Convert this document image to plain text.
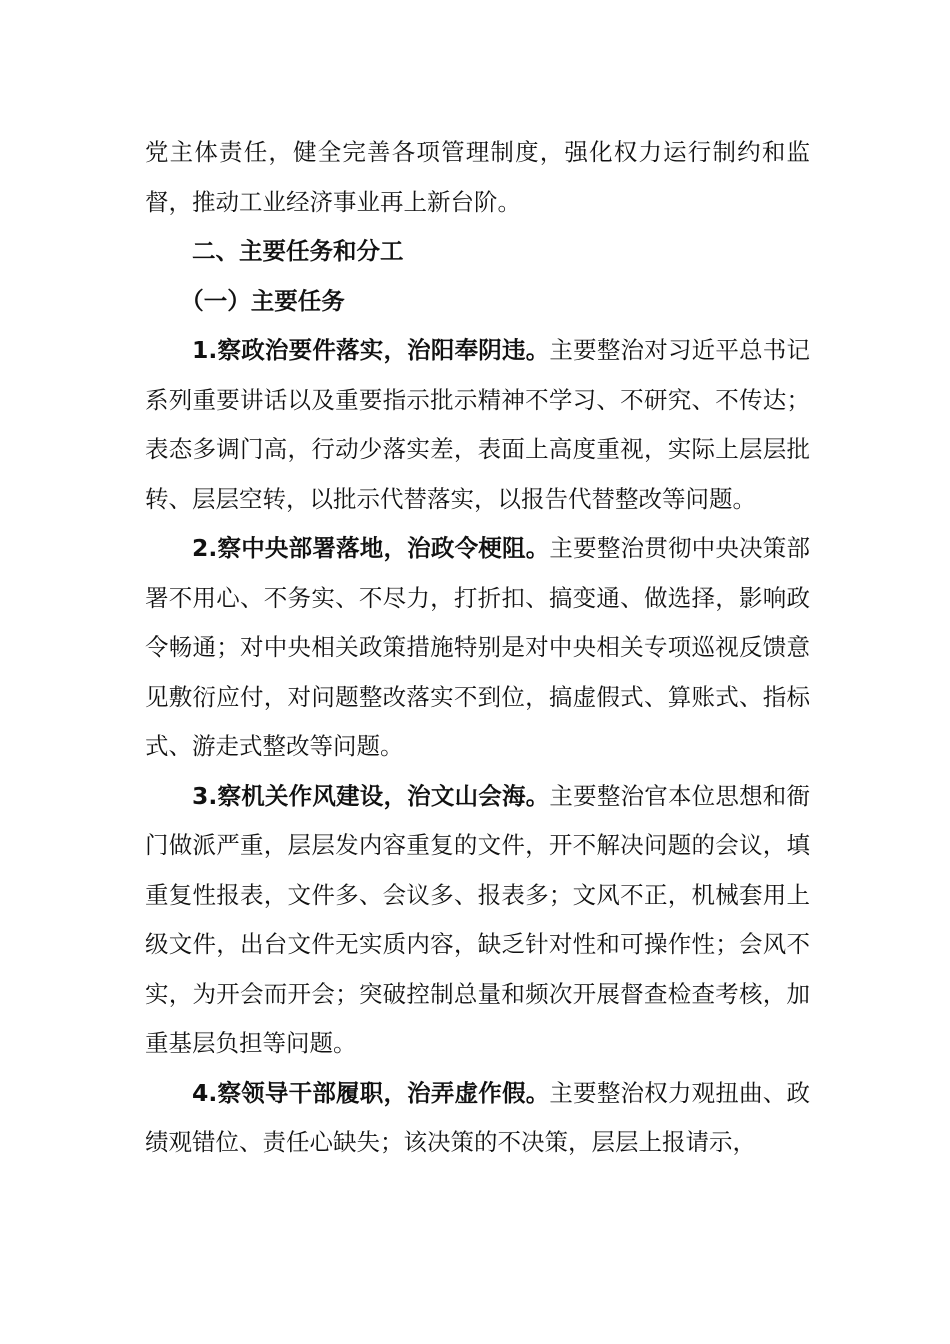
党主体责任，健全完善各项管理制度，强化权力运行制约和监督，推动工业经济事业再上新台阶。

二、主要任务和分工

（一）主要任务

1.察政治要件落实，治阳奉阴违。主要整治对习近平总书记系列重要讲话以及重要指示批示精神不学习、不研究、不传达；表态多调门高，行动少落实差，表面上高度重视，实际上层层批转、层层空转，以批示代替落实，以报告代替整改等问题。

2.察中央部署落地，治政令梗阻。主要整治贯彻中央决策部署不用心、不务实、不尽力，打折扣、搞变通、做选择，影响政令畅通；对中央相关政策措施特别是对中央相关专项巡视反馈意见敷衍应付，对问题整改落实不到位，搞虚假式、算账式、指标式、游走式整改等问题。

3.察机关作风建设，治文山会海。主要整治官本位思想和衙门做派严重，层层发内容重复的文件，开不解决问题的会议，填重复性报表，文件多、会议多、报表多；文风不正，机械套用上级文件，出台文件无实质内容，缺乏针对性和可操作性；会风不实，为开会而开会；突破控制总量和频次开展督查检查考核，加重基层负担等问题。

4.察领导干部履职，治弄虚作假。主要整治权力观扭曲、政绩观错位、责任心缺失；该决策的不决策，层层上报请示，
